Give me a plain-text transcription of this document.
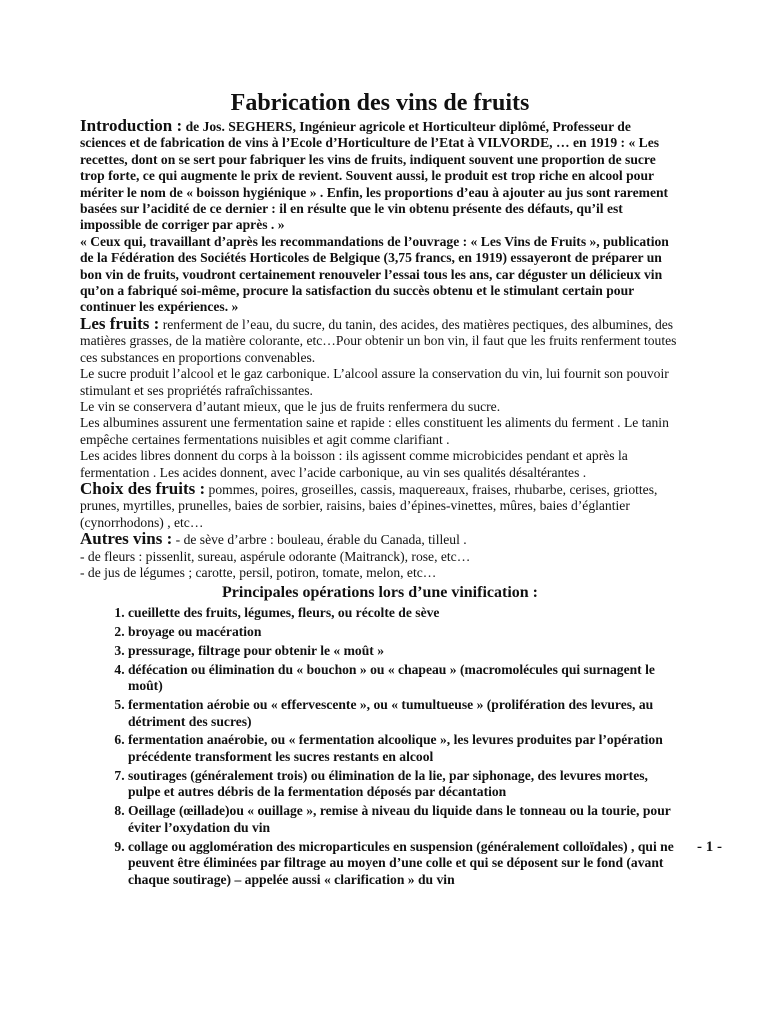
Fabrication des vins de fruits

Introduction : de Jos. SEGHERS, Ingénieur agricole et Horticulteur diplômé, Professeur de sciences et de fabrication de vins à l’Ecole d’Horticulture de l’Etat à VILVORDE, … en 1919 : « Les recettes, dont on se sert pour fabriquer les vins de fruits, indiquent souvent une proportion de sucre trop forte, ce qui augmente le prix de revient. Souvent aussi, le produit est trop riche en alcool pour mériter le nom de « boisson hygiénique » . Enfin, les proportions d’eau à ajouter au jus sont rarement basées sur l’acidité de ce dernier : il en résulte que le vin obtenu présente des défauts, qu’il est impossible de corriger par après . »

« Ceux qui, travaillant d’après les recommandations de l’ouvrage : « Les Vins de Fruits », publication de la Fédération des Sociétés Horticoles de Belgique (3,75 francs, en 1919) essayeront de préparer un bon vin de fruits, voudront certainement renouveler l’essai tous les ans, car déguster un délicieux vin qu’on a fabriqué soi-même, procure la satisfaction du succès obtenu et le stimulant certain pour continuer les expériences. »

Les fruits : renferment de l’eau, du sucre, du tanin, des acides, des matières pectiques, des albumines, des matières grasses, de la matière colorante, etc…Pour obtenir un bon vin, il faut que les fruits renferment toutes ces substances en proportions convenables.

Le sucre produit l’alcool et le gaz carbonique. L’alcool assure la conservation du vin, lui fournit son pouvoir stimulant et ses propriétés rafraîchissantes.

Le vin se conservera d’autant mieux, que le jus de fruits renfermera du sucre.

Les albumines assurent une fermentation saine et rapide : elles constituent les aliments du ferment . Le tanin empêche certaines fermentations nuisibles et agit comme clarifiant .

Les acides libres donnent du corps à la boisson : ils agissent comme microbicides pendant et après la fermentation . Les acides donnent, avec l’acide carbonique, au vin ses qualités désaltérantes .

Choix des fruits : pommes, poires, groseilles, cassis, maquereaux, fraises, rhubarbe, cerises, griottes, prunes, myrtilles, prunelles, baies de sorbier, raisins, baies d’épines-vinettes, mûres, baies d’églantier (cynorrhodons) , etc…

Autres vins : - de sève d’arbre : bouleau, érable du Canada, tilleul .

- de fleurs : pissenlit, sureau, aspérule odorante (Maitranck), rose, etc…

- de jus de légumes ; carotte, persil, potiron, tomate, melon, etc…

Principales opérations lors d’une vinification :
1. cueillette des fruits, légumes, fleurs, ou récolte de sève
2. broyage ou macération
3. pressurage, filtrage pour obtenir le « moût »
4. défécation ou élimination du « bouchon » ou « chapeau » (macromolécules qui surnagent le moût)
5. fermentation aérobie ou « effervescente », ou « tumultueuse » (prolifération des levures, au détriment des sucres)
6. fermentation anaérobie, ou « fermentation alcoolique », les levures produites par l’opération précédente transforment les sucres restants en alcool
7. soutirages (généralement trois) ou élimination de la lie, par siphonage, des levures mortes, pulpe et autres débris de la fermentation déposés par décantation
8. Oeillage (œillade)ou « ouillage », remise à niveau du liquide dans le tonneau ou la tourie, pour éviter l’oxydation du vin
9. collage ou agglomération des microparticules en suspension (généralement colloïdales) , qui ne peuvent être éliminées par filtrage au moyen d’une colle et qui se déposent sur le fond (avant chaque soutirage) – appelée aussi « clarification » du vin
- 1 -
